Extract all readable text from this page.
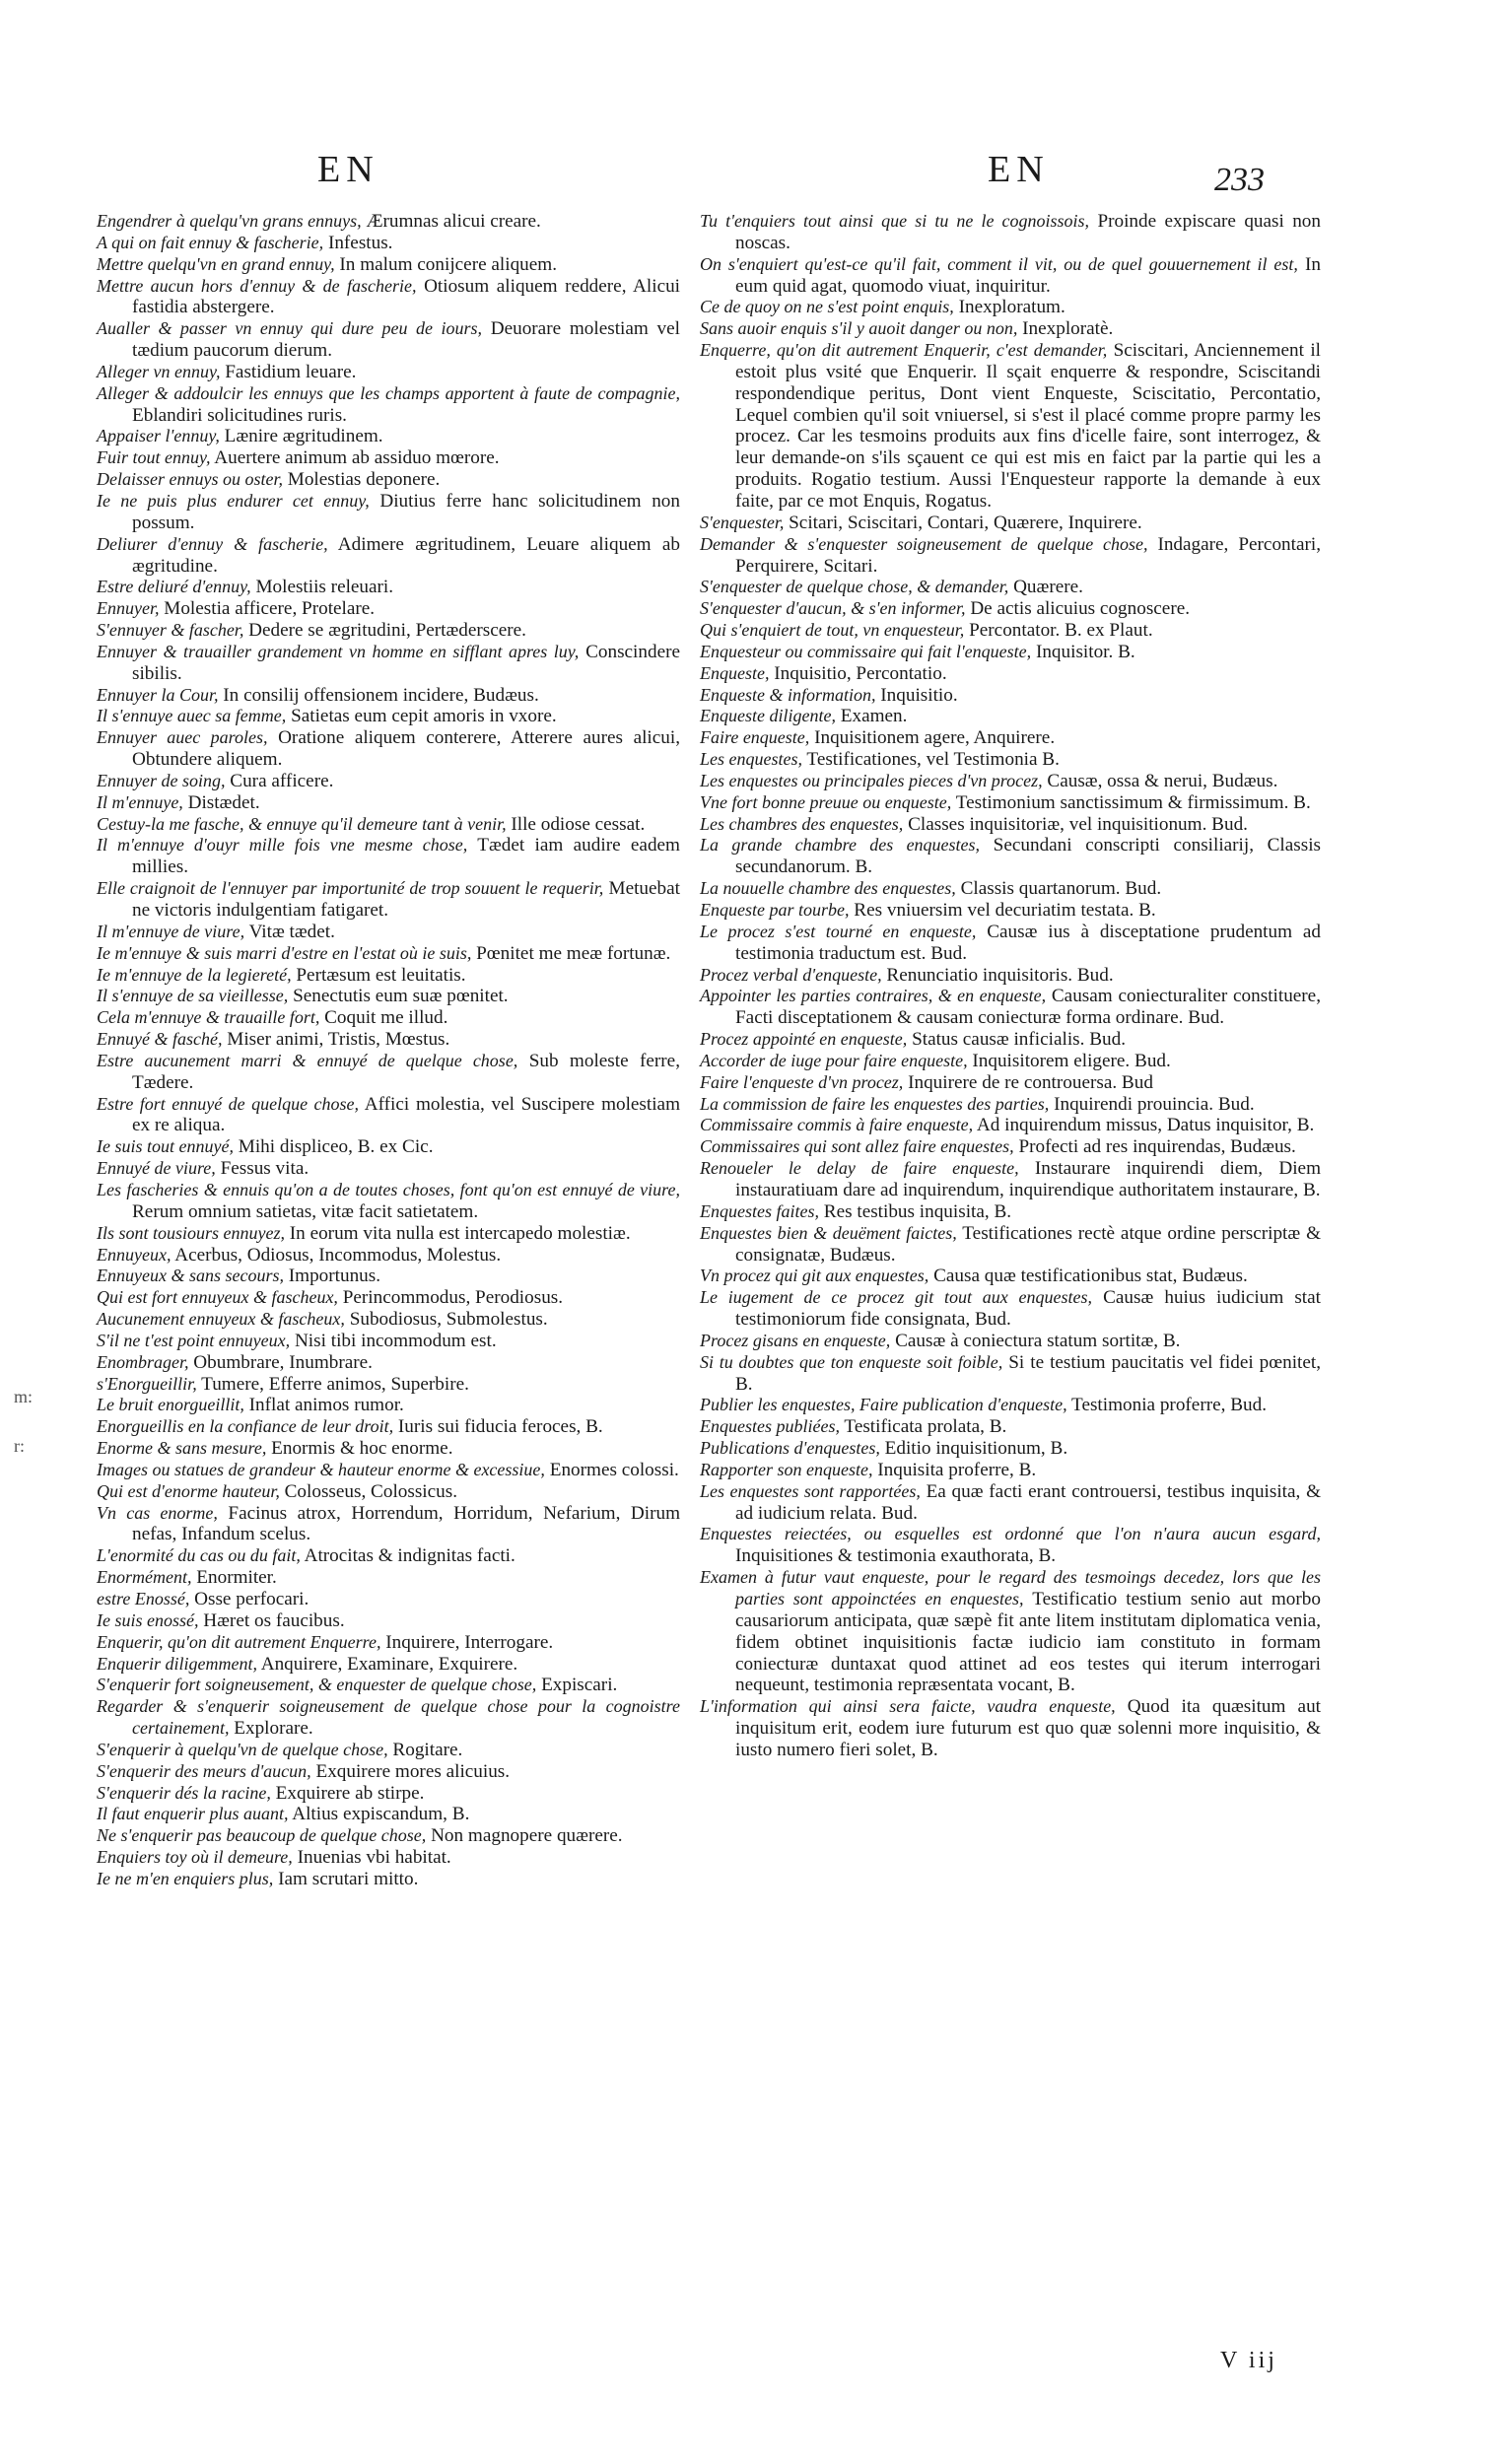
EN	EN	233
m:
r:

Engendrer à quelqu'vn grans ennuys, Ærumnas alicui creare.

A qui on fait ennuy & fascherie, Infestus.

Mettre quelqu'vn en grand ennuy, In malum conijcere aliquem.

Mettre aucun hors d'ennuy & de fascherie, Otiosum aliquem reddere, Alicui fastidia abstergere.

Aualler & passer vn ennuy qui dure peu de iours, Deuorare molestiam vel tædium paucorum dierum.

Alleger vn ennuy, Fastidium leuare.

Alleger & addoulcir les ennuys que les champs apportent à faute de compagnie, Eblandiri solicitudines ruris.

Appaiser l'ennuy, Lænire ægritudinem.

Fuir tout ennuy, Auertere animum ab assiduo mœrore.

Delaisser ennuys ou oster, Molestias deponere.

Ie ne puis plus endurer cet ennuy, Diutius ferre hanc solicitudinem non possum.

Deliurer d'ennuy & fascherie, Adimere ægritudinem, Leuare aliquem ab ægritudine.

Estre deliuré d'ennuy, Molestiis releuari.

Ennuyer, Molestia afficere, Protelare.

S'ennuyer & fascher, Dedere se ægritudini, Pertæderscere.

Ennuyer & trauailler grandement vn homme en sifflant apres luy, Conscindere sibilis.

Ennuyer la Cour, In consilij offensionem incidere, Budæus.

Il s'ennuye auec sa femme, Satietas eum cepit amoris in vxore.

Ennuyer auec paroles, Oratione aliquem conterere, Atterere aures alicui, Obtundere aliquem.

Ennuyer de soing, Cura afficere.

Il m'ennuye, Distædet.

Cestuy-la me fasche, & ennuye qu'il demeure tant à venir, Ille odiose cessat.

Il m'ennuye d'ouyr mille fois vne mesme chose, Tædet iam audire eadem millies.

Elle craignoit de l'ennuyer par importunité de trop souuent le requerir, Metuebat ne victoris indulgentiam fatigaret.

Il m'ennuye de viure, Vitæ tædet.

Ie m'ennuye & suis marri d'estre en l'estat où ie suis, Pœnitet me meæ fortunæ.

Ie m'ennuye de la legiereté, Pertæsum est leuitatis.

Il s'ennuye de sa vieillesse, Senectutis eum suæ pœnitet.

Cela m'ennuye & trauaille fort, Coquit me illud.

Ennuyé & fasché, Miser animi, Tristis, Mœstus.

Estre aucunement marri & ennuyé de quelque chose, Sub moleste ferre, Tædere.

Estre fort ennuyé de quelque chose, Affici molestia, vel Suscipere molestiam ex re aliqua.

Ie suis tout ennuyé, Mihi displiceo, B. ex Cic.

Ennuyé de viure, Fessus vita.

Les fascheries & ennuis qu'on a de toutes choses, font qu'on est ennuyé de viure, Rerum omnium satietas, vitæ facit satietatem.

Ils sont tousiours ennuyez, In eorum vita nulla est intercapedo molestiæ.

Ennuyeux, Acerbus, Odiosus, Incommodus, Molestus.

Ennuyeux & sans secours, Importunus.

Qui est fort ennuyeux & fascheux, Perincommodus, Perodiosus.

Aucunement ennuyeux & fascheux, Subodiosus, Submolestus.

S'il ne t'est point ennuyeux, Nisi tibi incommodum est.

Enombrager, Obumbrare, Inumbrare.

s'Enorgueillir, Tumere, Efferre animos, Superbire.

Le bruit enorgueillit, Inflat animos rumor.

Enorgueillis en la confiance de leur droit, Iuris sui fiducia feroces, B.

Enorme & sans mesure, Enormis & hoc enorme.

Images ou statues de grandeur & hauteur enorme & excessiue, Enormes colossi.

Qui est d'enorme hauteur, Colosseus, Colossicus.

Vn cas enorme, Facinus atrox, Horrendum, Horridum, Nefarium, Dirum nefas, Infandum scelus.

L'enormité du cas ou du fait, Atrocitas & indignitas facti.

Enormément, Enormiter.

estre Enossé, Osse perfocari.

Ie suis enossé, Hæret os faucibus.

Enquerir, qu'on dit autrement Enquerre, Inquirere, Interrogare.

Enquerir diligemment, Anquirere, Examinare, Exquirere.

S'enquerir fort soigneusement, & enquester de quelque chose, Expiscari.

Regarder & s'enquerir soigneusement de quelque chose pour la cognoistre certainement, Explorare.

S'enquerir à quelqu'vn de quelque chose, Rogitare.

S'enquerir des meurs d'aucun, Exquirere mores alicuius.

S'enquerir dés la racine, Exquirere ab stirpe.

Il faut enquerir plus auant, Altius expiscandum, B.

Ne s'enquerir pas beaucoup de quelque chose, Non magnopere quærere.

Enquiers toy où il demeure, Inuenias vbi habitat.

Ie ne m'en enquiers plus, Iam scrutari mitto.

Tu t'enquiers tout ainsi que si tu ne le cognoissois, Proinde expiscare quasi non noscas.

On s'enquiert qu'est-ce qu'il fait, comment il vit, ou de quel gouuernement il est, In eum quid agat, quomodo viuat, inquiritur.

Ce de quoy on ne s'est point enquis, Inexploratum.

Sans auoir enquis s'il y auoit danger ou non, Inexploratè.

Enquerre, qu'on dit autrement Enquerir, c'est demander, Sciscitari, Anciennement il estoit plus vsité que Enquerir. Il sçait enquerre & respondre, Sciscitandi respondendique peritus, Dont vient Enqueste, Sciscitatio, Percontatio, Lequel combien qu'il soit vniuersel, si s'est il placé comme propre parmy les procez. Car les tesmoins produits aux fins d'icelle faire, sont interrogez, & leur demande-on s'ils sçauent ce qui est mis en faict par la partie qui les a produits. Rogatio testium. Aussi l'Enquesteur rapporte la demande à eux faite, par ce mot Enquis, Rogatus.

S'enquester, Scitari, Sciscitari, Contari, Quærere, Inquirere.

Demander & s'enquester soigneusement de quelque chose, Indagare, Percontari, Perquirere, Scitari.

S'enquester de quelque chose, & demander, Quærere.

S'enquester d'aucun, & s'en informer, De actis alicuius cognoscere.

Qui s'enquiert de tout, vn enquesteur, Percontator. B. ex Plaut.

Enquesteur ou commissaire qui fait l'enqueste, Inquisitor. B.

Enqueste, Inquisitio, Percontatio.

Enqueste & information, Inquisitio.

Enqueste diligente, Examen.

Faire enqueste, Inquisitionem agere, Anquirere.

Les enquestes, Testificationes, vel Testimonia B.

Les enquestes ou principales pieces d'vn procez, Causæ, ossa & nerui, Budæus.

Vne fort bonne preuue ou enqueste, Testimonium sanctissimum & firmissimum. B.

Les chambres des enquestes, Classes inquisitoriæ, vel inquisitionum. Bud.

La grande chambre des enquestes, Secundani conscripti consiliarij, Classis secundanorum. B.

La nouuelle chambre des enquestes, Classis quartanorum. Bud.

Enqueste par tourbe, Res vniuersim vel decuriatim testata. B.

Le procez s'est tourné en enqueste, Causæ ius à disceptatione prudentum ad testimonia traductum est. Bud.

Procez verbal d'enqueste, Renunciatio inquisitoris. Bud.

Appointer les parties contraires, & en enqueste, Causam coniecturaliter constituere, Facti disceptationem & causam coniecturæ forma ordinare. Bud.

Procez appointé en enqueste, Status causæ inficialis. Bud.

Accorder de iuge pour faire enqueste, Inquisitorem eligere. Bud.

Faire l'enqueste d'vn procez, Inquirere de re controuersa. Bud

La commission de faire les enquestes des parties, Inquirendi prouincia. Bud.

Commissaire commis à faire enqueste, Ad inquirendum missus, Datus inquisitor, B.

Commissaires qui sont allez faire enquestes, Profecti ad res inquirendas, Budæus.

Renoueler le delay de faire enqueste, Instaurare inquirendi diem, Diem instauratiuam dare ad inquirendum, inquirendique authoritatem instaurare, B.

Enquestes faites, Res testibus inquisita, B.

Enquestes bien & deuëment faictes, Testificationes rectè atque ordine perscriptæ & consignatæ, Budæus.

Vn procez qui git aux enquestes, Causa quæ testificationibus stat, Budæus.

Le iugement de ce procez git tout aux enquestes, Causæ huius iudicium stat testimoniorum fide consignata, Bud.

Procez gisans en enqueste, Causæ à coniectura statum sortitæ, B.

Si tu doubtes que ton enqueste soit foible, Si te testium paucitatis vel fidei pœnitet, B.

Publier les enquestes, Faire publication d'enqueste, Testimonia proferre, Bud.

Enquestes publiées, Testificata prolata, B.

Publications d'enquestes, Editio inquisitionum, B.

Rapporter son enqueste, Inquisita proferre, B.

Les enquestes sont rapportées, Ea quæ facti erant controuersi, testibus inquisita, & ad iudicium relata. Bud.

Enquestes reiectées, ou esquelles est ordonné que l'on n'aura aucun esgard, Inquisitiones & testimonia exauthorata, B.

Examen à futur vaut enqueste, pour le regard des tesmoings decedez, lors que les parties sont appoinctées en enquestes, Testificatio testium senio aut morbo causariorum anticipata, quæ sæpè fit ante litem institutam diplomatica venia, fidem obtinet inquisitionis factæ iudicio iam constituto in formam coniecturæ duntaxat quod attinet ad eos testes qui iterum interrogari nequeunt, testimonia repræsentata vocant, B.

L'information qui ainsi sera faicte, vaudra enqueste, Quod ita quæsitum aut inquisitum erit, eodem iure futurum est quo quæ solenni more inquisitio, & iusto numero fieri solet, B.

V iij
